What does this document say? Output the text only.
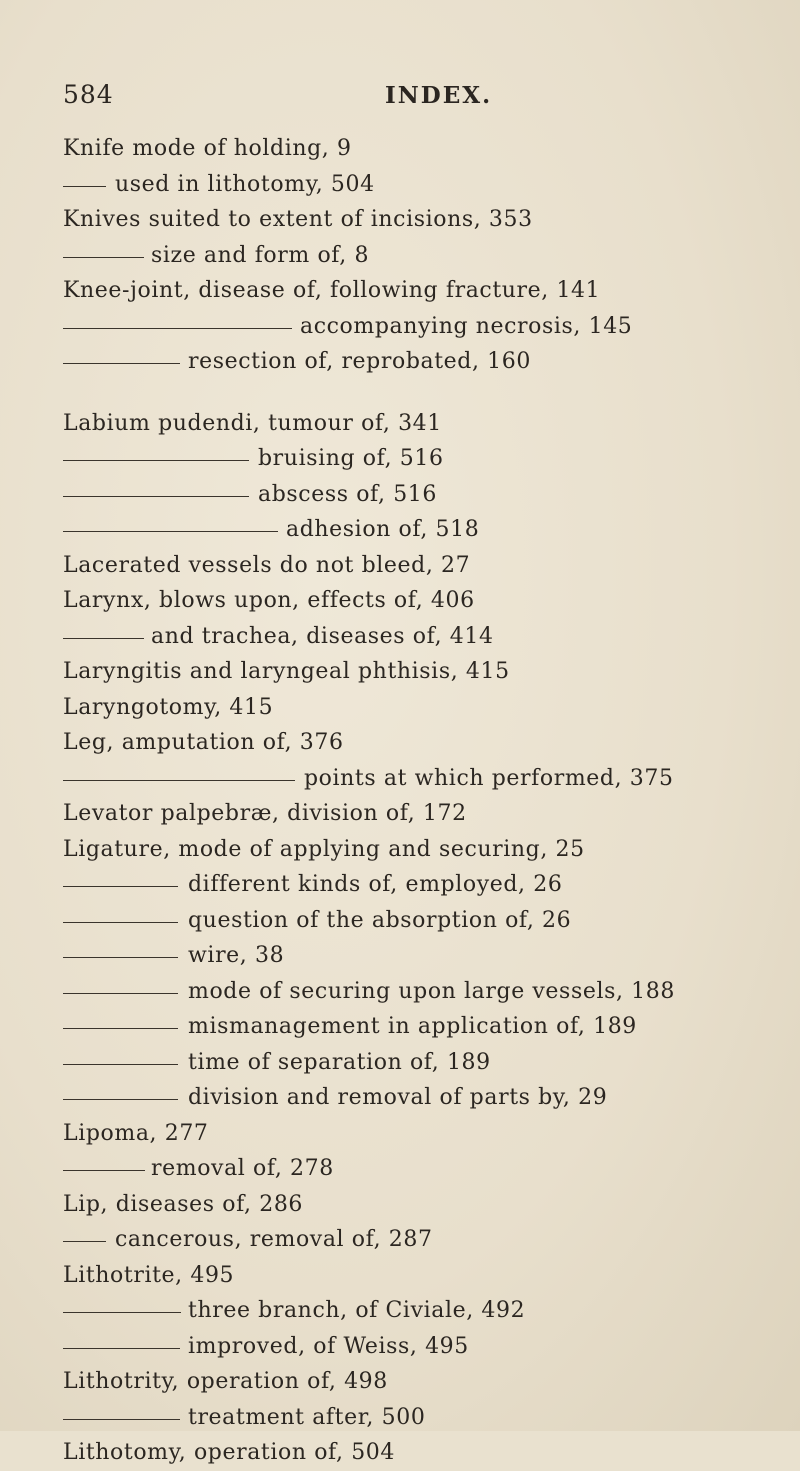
584	INDEX.
Knife mode of holding, 9
used in lithotomy, 504
Knives suited to extent of incisions, 353
size and form of, 8
Knee-joint, disease of, following fracture, 141
accompanying necrosis, 145
resection of, reprobated, 160
Labium pudendi, tumour of, 341
bruising of, 516
abscess of, 516
adhesion of, 518
Lacerated vessels do not bleed, 27
Larynx, blows upon, effects of, 406
and trachea, diseases of, 414
Laryngitis and laryngeal phthisis, 415
Laryngotomy, 415
Leg, amputation of, 376
points at which performed, 375
Levator palpebræ, division of, 172
Ligature, mode of applying and securing, 25
different kinds of, employed, 26
question of the absorption of, 26
wire, 38
mode of securing upon large vessels, 188
mismanagement in application of, 189
time of separation of, 189
division and removal of parts by, 29
Lipoma, 277
removal of, 278
Lip, diseases of, 286
cancerous, removal of, 287
Lithotrite, 495
three branch, of Civiale, 492
improved, of Weiss, 495
Lithotrity, operation of, 498
treatment after, 500
Lithotomy, operation of, 504
